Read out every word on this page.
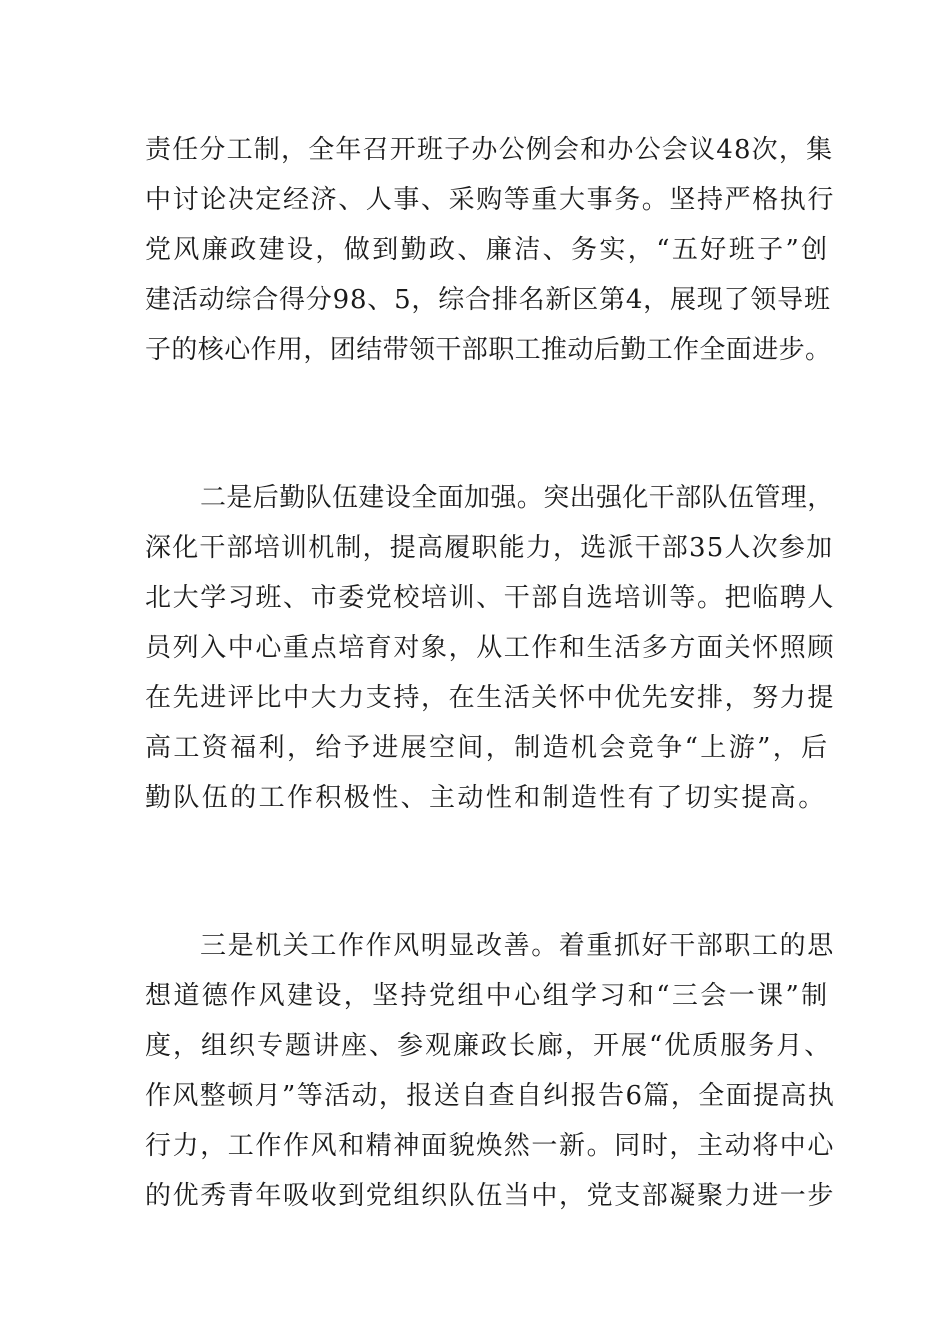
责任分工制，全年召开班子办公例会和办公会议48次，集
中讨论决定经济、人事、采购等重大事务。坚持严格执行
党风廉政建设，做到勤政、廉洁、务实，“五好班子”创
建活动综合得分98、5，综合排名新区第4，展现了领导班
子的核心作用，团结带领干部职工推动后勤工作全面进步。
二是后勤队伍建设全面加强。突出强化干部队伍管理，
深化干部培训机制，提高履职能力，选派干部35人次参加
北大学习班、市委党校培训、干部自选培训等。把临聘人
员列入中心重点培育对象，从工作和生活多方面关怀照顾
在先进评比中大力支持，在生活关怀中优先安排，努力提
高工资福利，给予进展空间，制造机会竞争“上游”，后
勤队伍的工作积极性、主动性和制造性有了切实提高。
三是机关工作作风明显改善。着重抓好干部职工的思
想道德作风建设，坚持党组中心组学习和“三会一课”制
度，组织专题讲座、参观廉政长廊，开展“优质服务月、
作风整顿月”等活动，报送自查自纠报告6篇，全面提高执
行力，工作作风和精神面貌焕然一新。同时，主动将中心
的优秀青年吸收到党组织队伍当中，党支部凝聚力进一步
